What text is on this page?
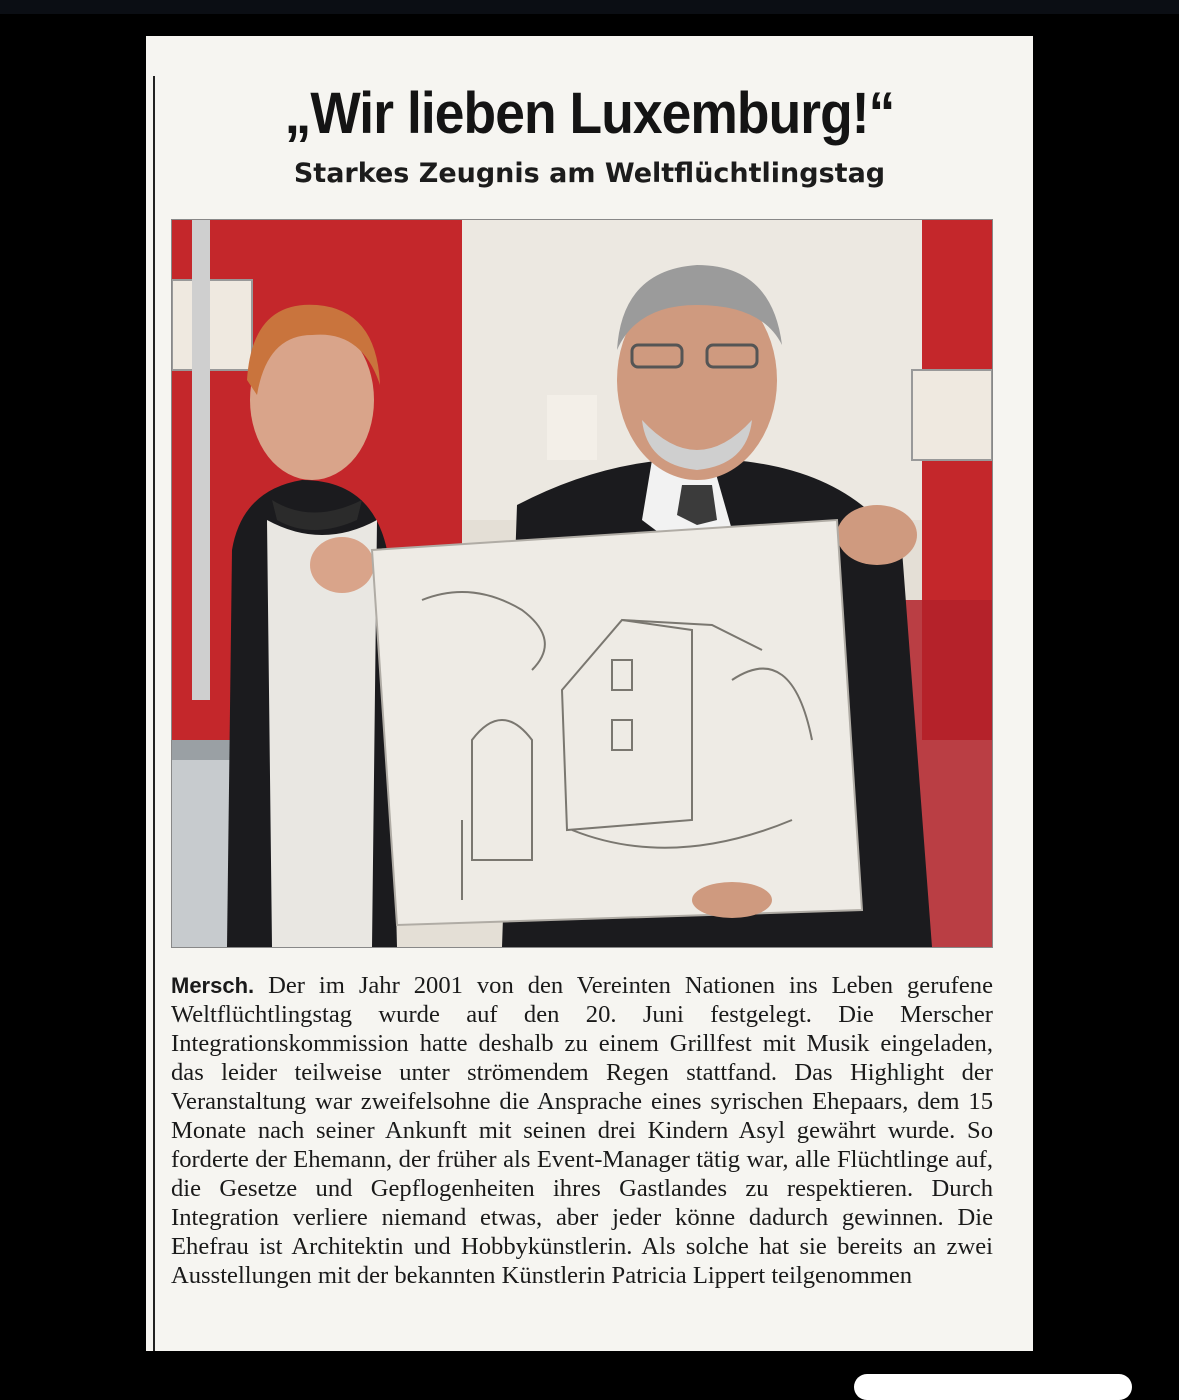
„Wir lieben Luxemburg!“
Starkes Zeugnis am Weltflüchtlingstag

Mersch. Der im Jahr 2001 von den Vereinten Nationen ins Leben gerufene Weltflüchtlingstag wurde auf den 20. Juni festgelegt. Die Merscher Integrationskommission hatte deshalb zu einem Grillfest mit Musik eingeladen, das leider teilweise unter strömendem Regen stattfand. Das Highlight der Veranstaltung war zweifelsohne die Ansprache eines syrischen Ehepaars, dem 15 Monate nach seiner Ankunft mit seinen drei Kindern Asyl gewährt wurde. So forderte der Ehemann, der früher als Event-Manager tätig war, alle Flüchtlinge auf, die Gesetze und Gepflogenheiten ihres Gastlandes zu respektieren. Durch Integration verliere niemand etwas, aber jeder könne dadurch gewinnen. Die Ehefrau ist Architektin und Hobbykünstlerin. Als solche hat sie bereits an zwei Ausstellungen mit der bekannten Künstlerin Patricia Lippert teilgenommen
